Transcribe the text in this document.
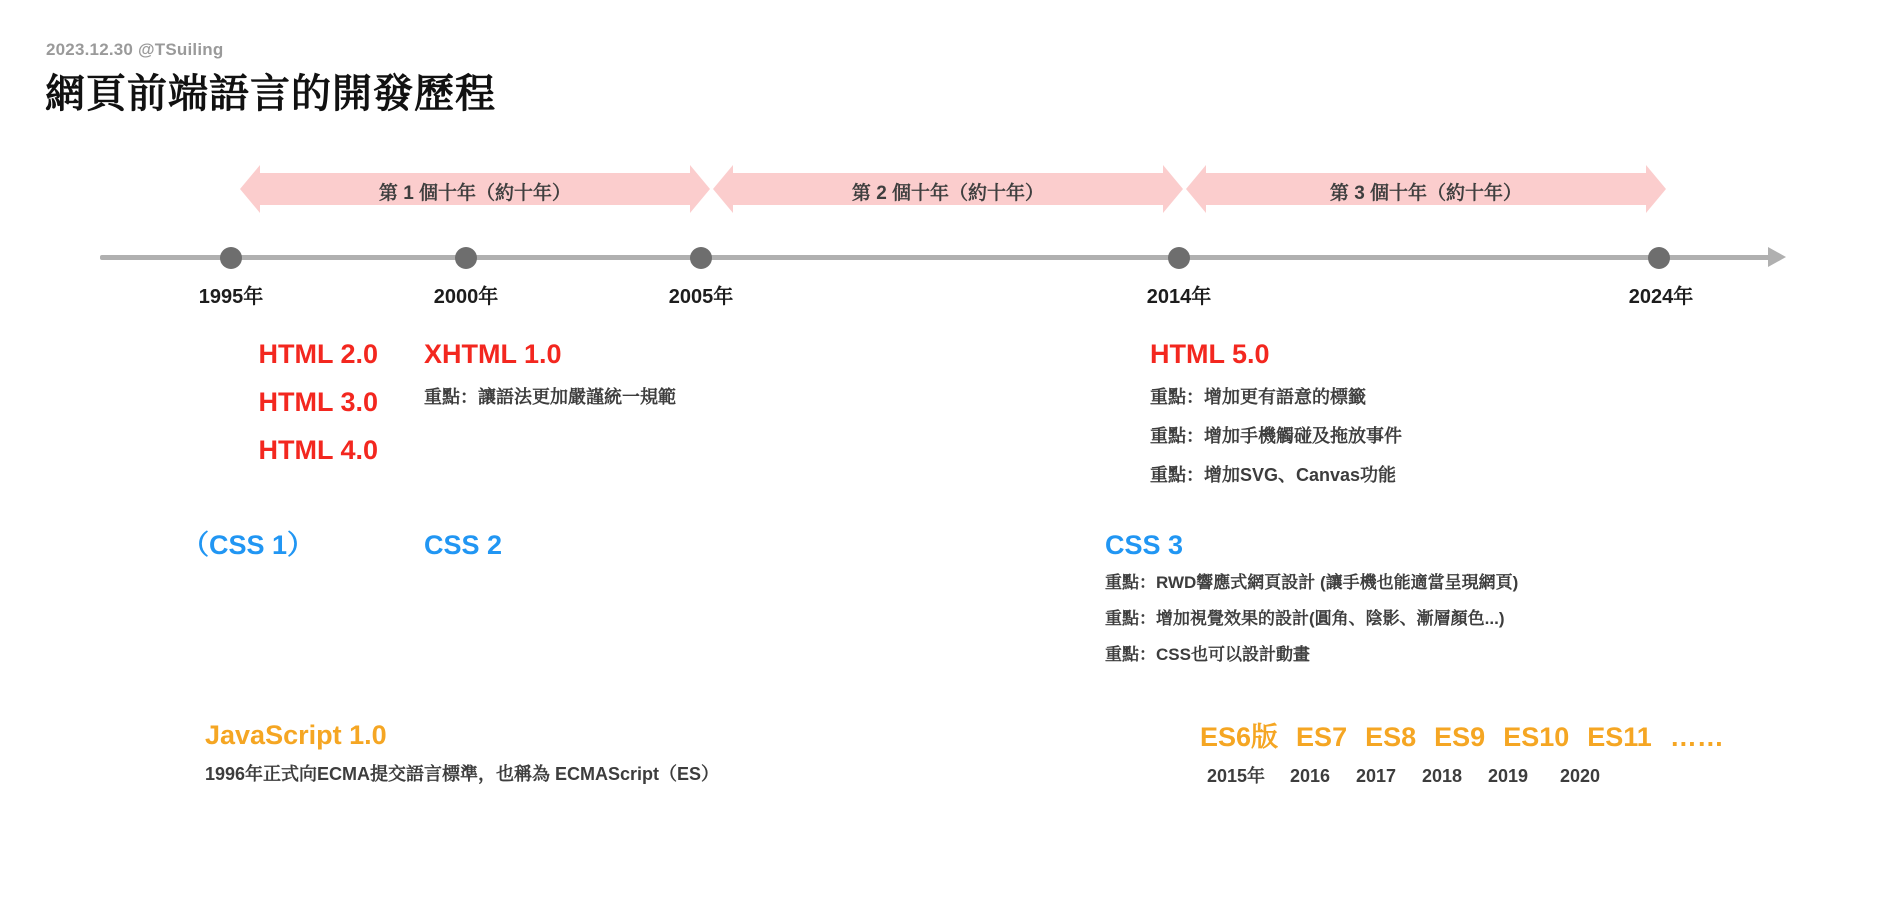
2023.12.30 @TSuiling
網頁前端語言的開發歷程
第 1 個十年（約十年）	第 2 個十年（約十年）	第 3 個十年（約十年）
1995年	2000年	2005年	2014年	2024年
HTML 2.0
HTML 3.0
HTML 4.0
XHTML 1.0
重點：讓語法更加嚴謹統一規範
HTML 5.0
重點：增加更有語意的標籤
重點：增加手機觸碰及拖放事件
重點：增加SVG、Canvas功能
（CSS 1）	CSS 2	CSS 3
重點：RWD響應式網頁設計 (讓手機也能適當呈現網頁)
重點：增加視覺效果的設計(圓角、陰影、漸層顏色...)
重點：CSS也可以設計動畫
JavaScript 1.0
1996年正式向ECMA提交語言標準，也稱為 ECMAScript（ES）
ES6版 ES7 ES8 ES9 ES10 ES11 ……
2015年	2016	2017	2018	2019	2020
